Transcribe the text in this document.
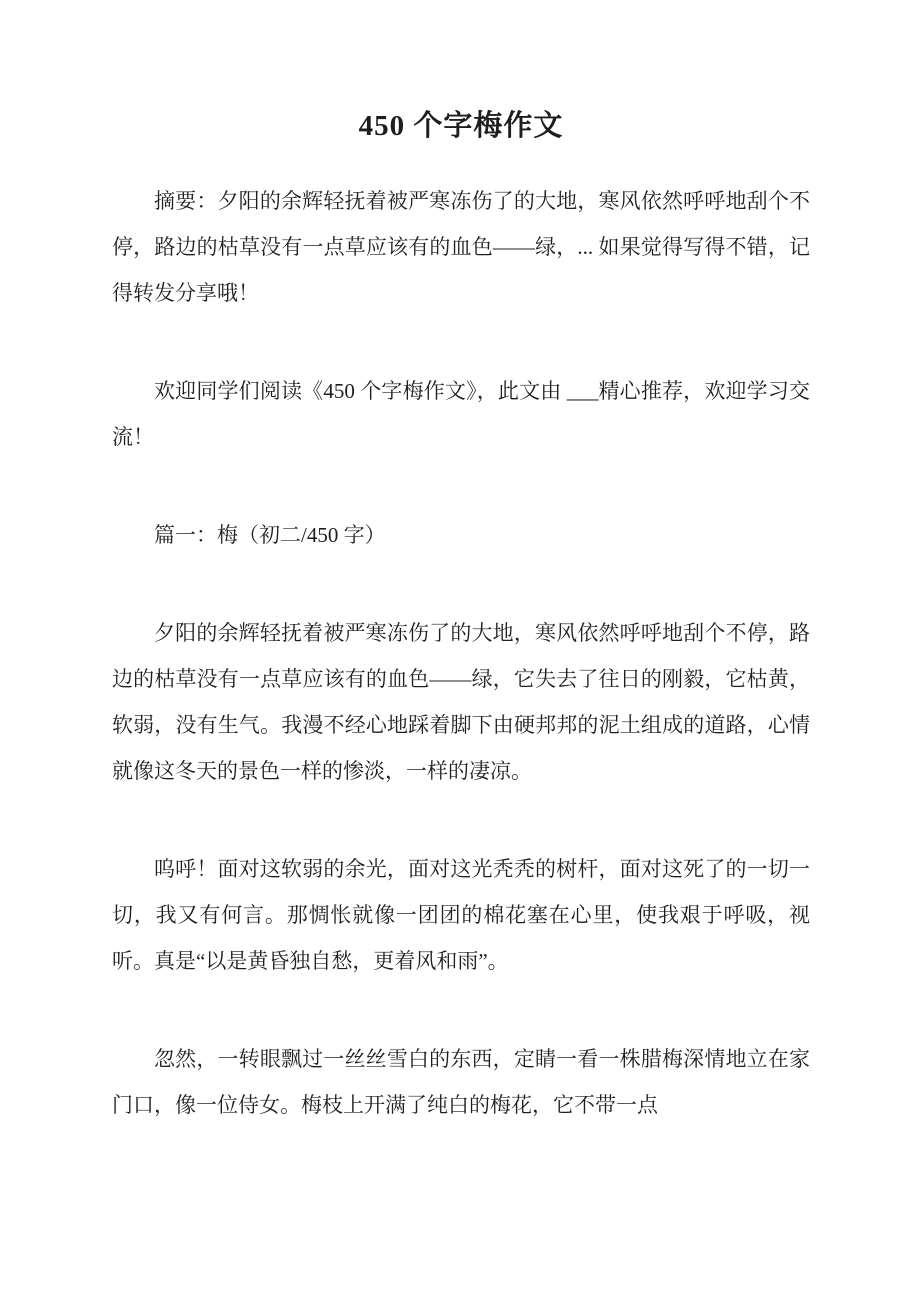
450 个字梅作文

摘要：夕阳的余辉轻抚着被严寒冻伤了的大地，寒风依然呼呼地刮个不停，路边的枯草没有一点草应该有的血色——绿，... 如果觉得写得不错，记得转发分享哦！

欢迎同学们阅读《450 个字梅作文》，此文由 ___精心推荐，欢迎学习交流！

篇一：梅（初二/450 字）

夕阳的余辉轻抚着被严寒冻伤了的大地，寒风依然呼呼地刮个不停，路边的枯草没有一点草应该有的血色——绿，它失去了往日的刚毅，它枯黄，软弱，没有生气。我漫不经心地踩着脚下由硬邦邦的泥土组成的道路，心情就像这冬天的景色一样的惨淡，一样的凄凉。

呜呼！面对这软弱的余光，面对这光秃秃的树杆，面对这死了的一切一切，我又有何言。那惆怅就像一团团的棉花塞在心里，使我艰于呼吸，视听。真是“以是黄昏独自愁，更着风和雨”。

忽然，一转眼飘过一丝丝雪白的东西，定睛一看一株腊梅深情地立在家门口，像一位侍女。梅枝上开满了纯白的梅花，它不带一点
